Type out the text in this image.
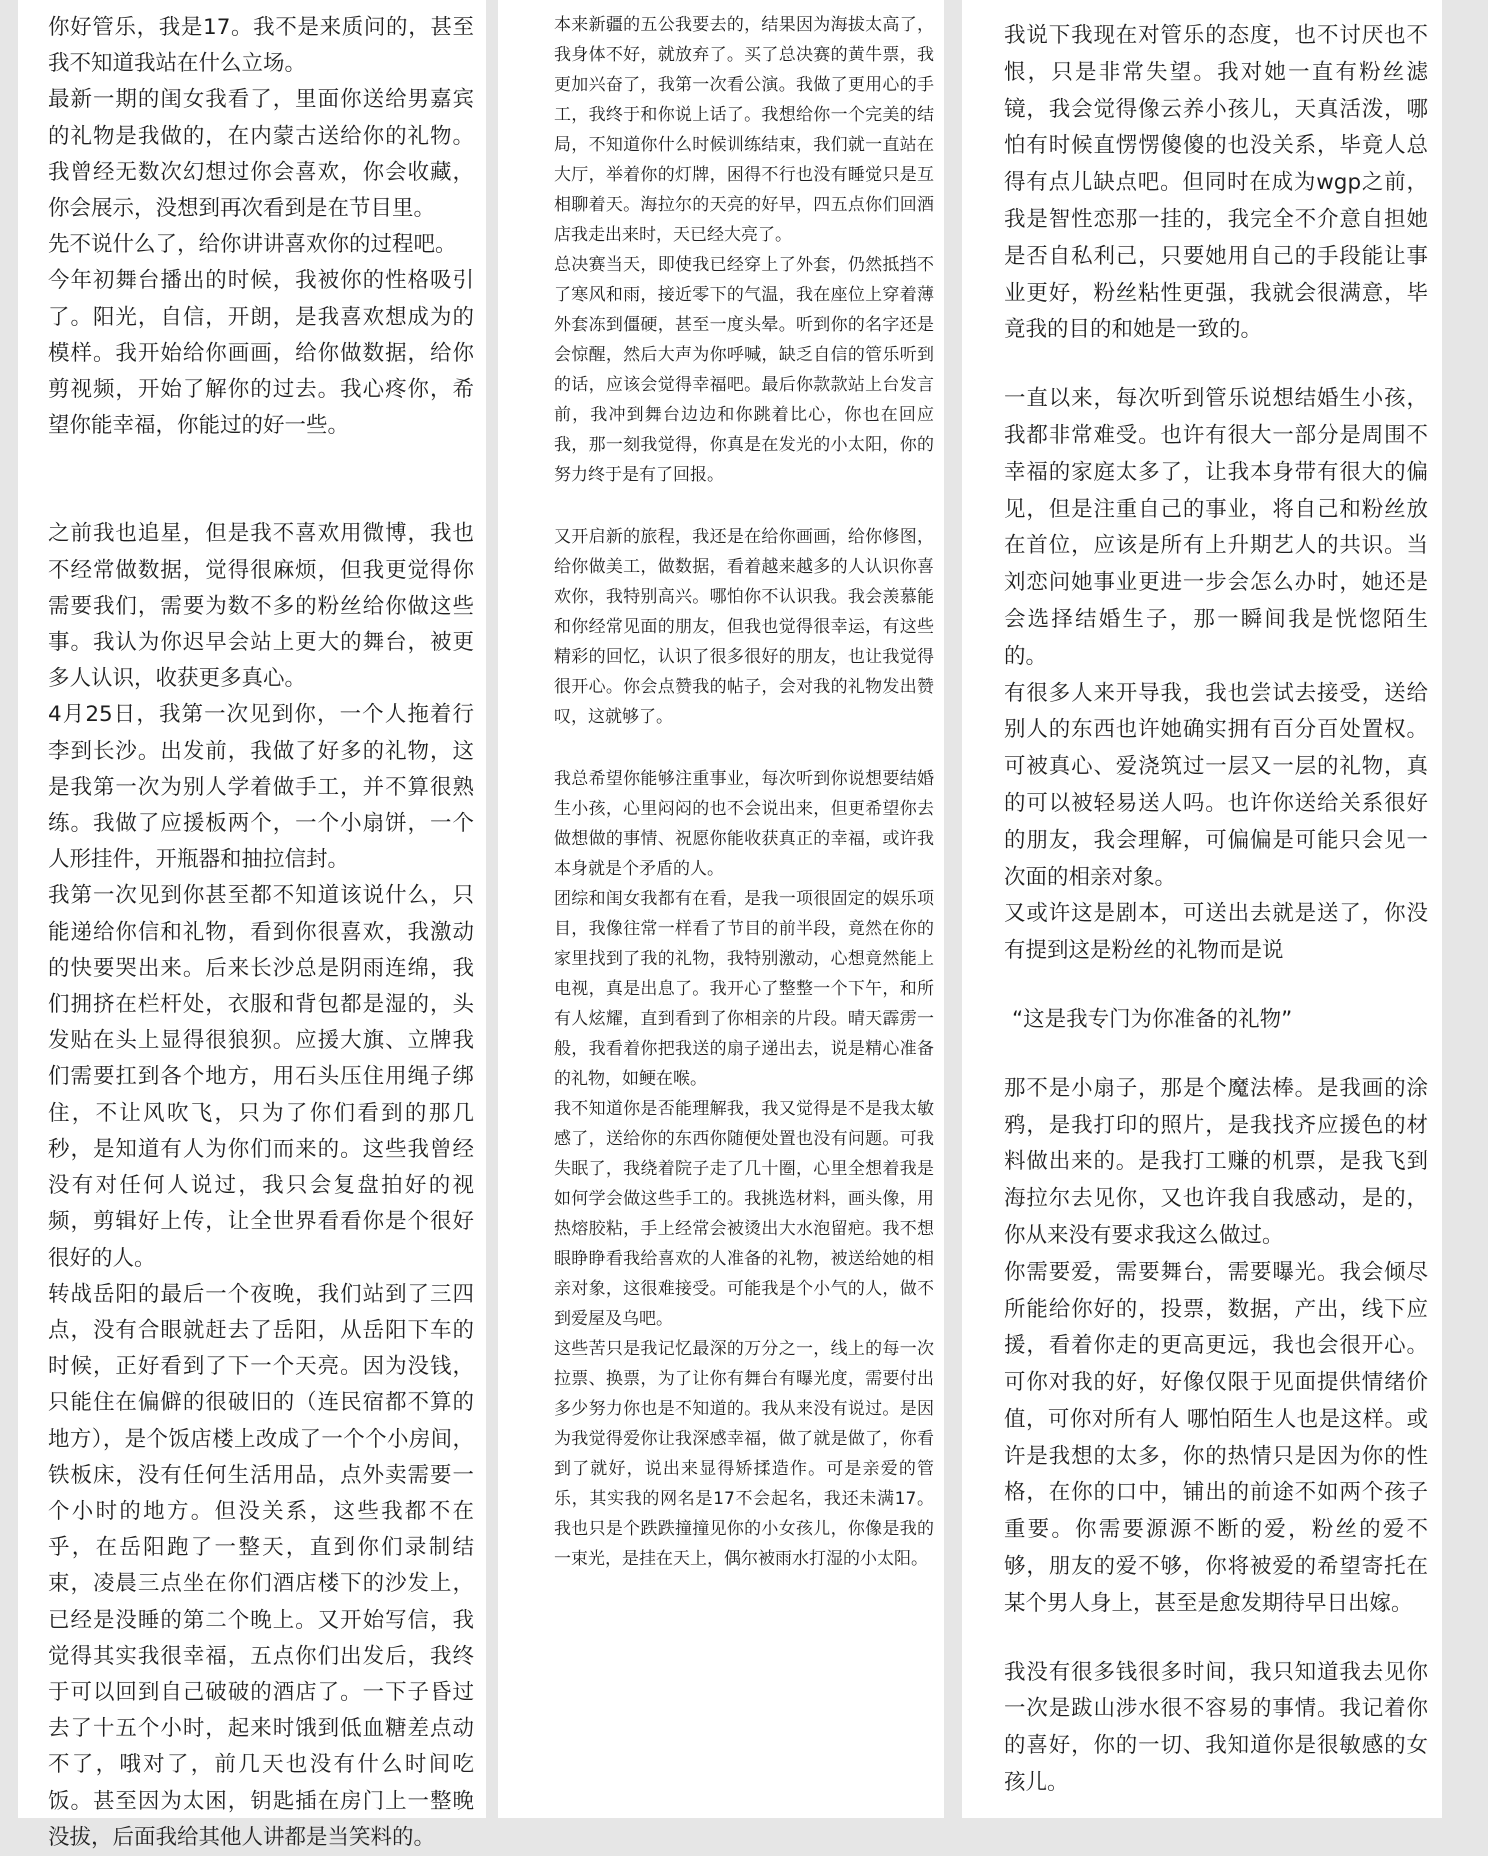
你好管乐，我是17。我不是来质问的，甚至我不知道我站在什么立场。

最新一期的闺女我看了，里面你送给男嘉宾的礼物是我做的，在内蒙古送给你的礼物。我曾经无数次幻想过你会喜欢，你会收藏，你会展示，没想到再次看到是在节目里。

先不说什么了，给你讲讲喜欢你的过程吧。

今年初舞台播出的时候，我被你的性格吸引了。阳光，自信，开朗，是我喜欢想成为的模样。我开始给你画画，给你做数据，给你剪视频，开始了解你的过去。我心疼你，希望你能幸福，你能过的好一些。

之前我也追星，但是我不喜欢用微博，我也不经常做数据，觉得很麻烦，但我更觉得你需要我们，需要为数不多的粉丝给你做这些事。我认为你迟早会站上更大的舞台，被更多人认识，收获更多真心。

4月25日，我第一次见到你，一个人拖着行李到长沙。出发前，我做了好多的礼物，这是我第一次为别人学着做手工，并不算很熟练。我做了应援板两个，一个小扇饼，一个人形挂件，开瓶器和抽拉信封。

我第一次见到你甚至都不知道该说什么，只能递给你信和礼物，看到你很喜欢，我激动的快要哭出来。后来长沙总是阴雨连绵，我们拥挤在栏杆处，衣服和背包都是湿的，头发贴在头上显得很狼狈。应援大旗、立牌我们需要扛到各个地方，用石头压住用绳子绑住，不让风吹飞，只为了你们看到的那几秒，是知道有人为你们而来的。这些我曾经没有对任何人说过，我只会复盘拍好的视频，剪辑好上传，让全世界看看你是个很好很好的人。

转战岳阳的最后一个夜晚，我们站到了三四点，没有合眼就赶去了岳阳，从岳阳下车的时候，正好看到了下一个天亮。因为没钱，只能住在偏僻的很破旧的（连民宿都不算的地方），是个饭店楼上改成了一个个小房间，铁板床，没有任何生活用品，点外卖需要一个小时的地方。但没关系，这些我都不在乎，在岳阳跑了一整天，直到你们录制结束，凌晨三点坐在你们酒店楼下的沙发上，已经是没睡的第二个晚上。又开始写信，我觉得其实我很幸福，五点你们出发后，我终于可以回到自己破破的酒店了。一下子昏过去了十五个小时，起来时饿到低血糖差点动不了，哦对了，前几天也没有什么时间吃饭。甚至因为太困，钥匙插在房门上一整晚没拔，后面我给其他人讲都是当笑料的。

本来新疆的五公我要去的，结果因为海拔太高了，我身体不好，就放弃了。买了总决赛的黄牛票，我更加兴奋了，我第一次看公演。我做了更用心的手工，我终于和你说上话了。我想给你一个完美的结局，不知道你什么时候训练结束，我们就一直站在大厅，举着你的灯牌，困得不行也没有睡觉只是互相聊着天。海拉尔的天亮的好早，四五点你们回酒店我走出来时，天已经大亮了。

总决赛当天，即使我已经穿上了外套，仍然抵挡不了寒风和雨，接近零下的气温，我在座位上穿着薄外套冻到僵硬，甚至一度头晕。听到你的名字还是会惊醒，然后大声为你呼喊，缺乏自信的管乐听到的话，应该会觉得幸福吧。最后你款款站上台发言前，我冲到舞台边边和你跳着比心，你也在回应我，那一刻我觉得，你真是在发光的小太阳，你的努力终于是有了回报。

又开启新的旅程，我还是在给你画画，给你修图，给你做美工，做数据，看着越来越多的人认识你喜欢你，我特别高兴。哪怕你不认识我。我会羡慕能和你经常见面的朋友，但我也觉得很幸运，有这些精彩的回忆，认识了很多很好的朋友，也让我觉得很开心。你会点赞我的帖子，会对我的礼物发出赞叹，这就够了。

我总希望你能够注重事业，每次听到你说想要结婚生小孩，心里闷闷的也不会说出来，但更希望你去做想做的事情、祝愿你能收获真正的幸福，或许我本身就是个矛盾的人。

团综和闺女我都有在看，是我一项很固定的娱乐项目，我像往常一样看了节目的前半段，竟然在你的家里找到了我的礼物，我特别激动，心想竟然能上电视，真是出息了。我开心了整整一个下午，和所有人炫耀，直到看到了你相亲的片段。晴天霹雳一般，我看着你把我送的扇子递出去，说是精心准备的礼物，如鲠在喉。

我不知道你是否能理解我，我又觉得是不是我太敏感了，送给你的东西你随便处置也没有问题。可我失眠了，我绕着院子走了几十圈，心里全想着我是如何学会做这些手工的。我挑选材料，画头像，用热熔胶粘，手上经常会被烫出大水泡留疤。我不想眼睁睁看我给喜欢的人准备的礼物，被送给她的相亲对象，这很难接受。可能我是个小气的人，做不到爱屋及乌吧。

这些苦只是我记忆最深的万分之一，线上的每一次拉票、换票，为了让你有舞台有曝光度，需要付出多少努力你也是不知道的。我从来没有说过。是因为我觉得爱你让我深感幸福，做了就是做了，你看到了就好，说出来显得矫揉造作。可是亲爱的管乐，其实我的网名是17不会起名，我还未满17。我也只是个跌跌撞撞见你的小女孩儿，你像是我的一束光，是挂在天上，偶尔被雨水打湿的小太阳。

我说下我现在对管乐的态度，也不讨厌也不恨，只是非常失望。我对她一直有粉丝滤镜，我会觉得像云养小孩儿，天真活泼，哪怕有时候直愣愣傻傻的也没关系，毕竟人总得有点儿缺点吧。但同时在成为wgp之前，我是智性恋那一挂的，我完全不介意自担她是否自私利己，只要她用自己的手段能让事业更好，粉丝粘性更强，我就会很满意，毕竟我的目的和她是一致的。

一直以来，每次听到管乐说想结婚生小孩，我都非常难受。也许有很大一部分是周围不幸福的家庭太多了，让我本身带有很大的偏见，但是注重自己的事业，将自己和粉丝放在首位，应该是所有上升期艺人的共识。当刘恋问她事业更进一步会怎么办时，她还是会选择结婚生子，那一瞬间我是恍惚陌生的。

有很多人来开导我，我也尝试去接受，送给别人的东西也许她确实拥有百分百处置权。可被真心、爱浇筑过一层又一层的礼物，真的可以被轻易送人吗。也许你送给关系很好的朋友，我会理解，可偏偏是可能只会见一次面的相亲对象。

又或许这是剧本，可送出去就是送了，你没有提到这是粉丝的礼物而是说

“这是我专门为你准备的礼物”

那不是小扇子，那是个魔法棒。是我画的涂鸦，是我打印的照片，是我找齐应援色的材料做出来的。是我打工赚的机票，是我飞到海拉尔去见你，又也许我自我感动，是的，你从来没有要求我这么做过。

你需要爱，需要舞台，需要曝光。我会倾尽所能给你好的，投票，数据，产出，线下应援，看着你走的更高更远，我也会很开心。可你对我的好，好像仅限于见面提供情绪价值，可你对所有人 哪怕陌生人也是这样。或许是我想的太多，你的热情只是因为你的性格，在你的口中，铺出的前途不如两个孩子重要。你需要源源不断的爱，粉丝的爱不够，朋友的爱不够，你将被爱的希望寄托在某个男人身上，甚至是愈发期待早日出嫁。

我没有很多钱很多时间，我只知道我去见你一次是跋山涉水很不容易的事情。我记着你的喜好，你的一切、我知道你是很敏感的女孩儿。
